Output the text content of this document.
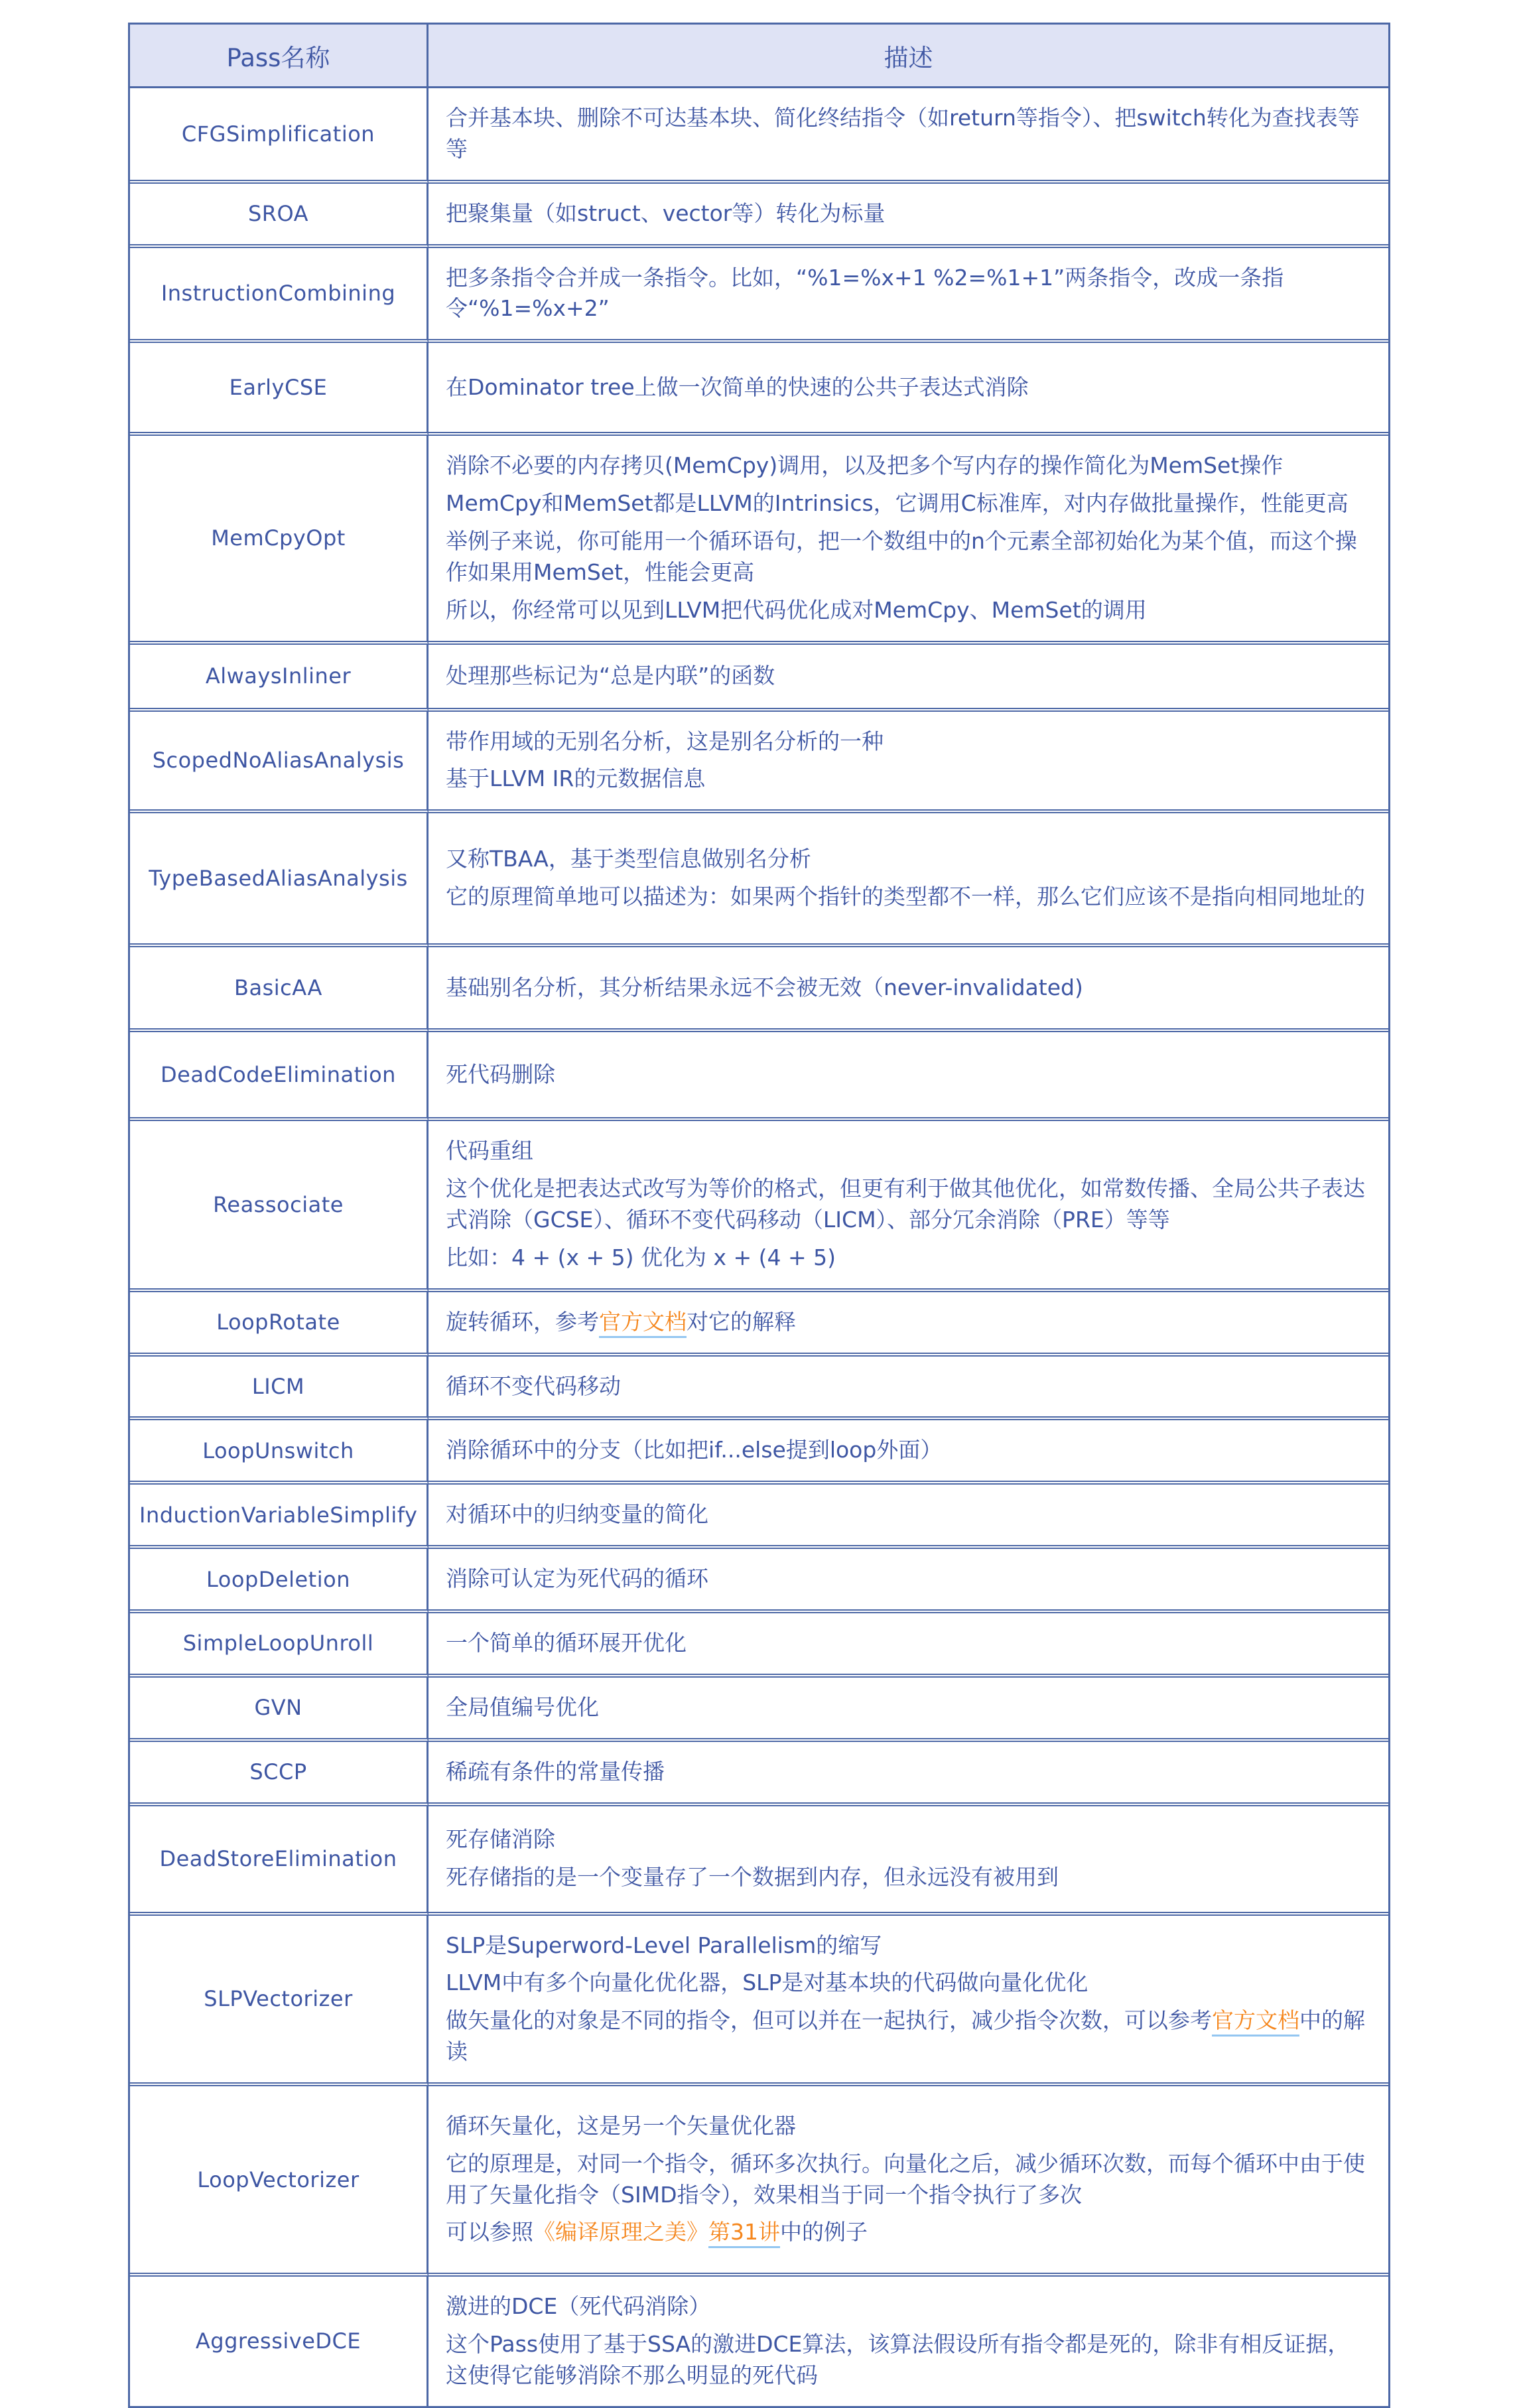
Pass名称	描述
CFGSimplification	合并基本块、删除不可达基本块、简化终结指令（如return等指令）、把switch转化为查找表等等

SROA	把聚集量（如struct、vector等）转化为标量

InstructionCombining	把多条指令合并成一条指令。比如，“%1=%x+1 %2=%1+1”两条指令，改成一条指令“%1=%x+2”

EarlyCSE	在Dominator tree上做一次简单的快速的公共子表达式消除

MemCpyOpt	消除不必要的内存拷贝(MemCpy)调用，以及把多个写内存的操作简化为MemSet操作

MemCpy和MemSet都是LLVM的Intrinsics，它调用C标准库，对内存做批量操作，性能更高

举例子来说，你可能用一个循环语句，把一个数组中的n个元素全部初始化为某个值，而这个操作如果用MemSet，性能会更高

所以，你经常可以见到LLVM把代码优化成对MemCpy、MemSet的调用

AlwaysInliner	处理那些标记为“总是内联”的函数

ScopedNoAliasAnalysis	带作用域的无别名分析，这是别名分析的一种

基于LLVM IR的元数据信息

TypeBasedAliasAnalysis	又称TBAA，基于类型信息做别名分析

它的原理简单地可以描述为：如果两个指针的类型都不一样，那么它们应该不是指向相同地址的

BasicAA	基础别名分析，其分析结果永远不会被无效（never-invalidated)

DeadCodeElimination	死代码删除

Reassociate	代码重组

这个优化是把表达式改写为等价的格式，但更有利于做其他优化，如常数传播、全局公共子表达式消除（GCSE）、循环不变代码移动（LICM）、部分冗余消除（PRE）等等

比如：4 + (x + 5) 优化为 x + (4 + 5)

LoopRotate	旋转循环，参考官方文档对它的解释

LICM	循环不变代码移动

LoopUnswitch	消除循环中的分支（比如把if...else提到loop外面）

InductionVariableSimplify	对循环中的归纳变量的简化

LoopDeletion	消除可认定为死代码的循环

SimpleLoopUnroll	一个简单的循环展开优化

GVN	全局值编号优化

SCCP	稀疏有条件的常量传播

DeadStoreElimination	死存储消除

死存储指的是一个变量存了一个数据到内存，但永远没有被用到

SLPVectorizer	SLP是Superword-Level Parallelism的缩写

LLVM中有多个向量化优化器，SLP是对基本块的代码做向量化优化

做矢量化的对象是不同的指令，但可以并在一起执行，减少指令次数，可以参考官方文档中的解读

LoopVectorizer	循环矢量化，这是另一个矢量优化器

它的原理是，对同一个指令，循环多次执行。向量化之后，减少循环次数，而每个循环中由于使用了矢量化指令（SIMD指令），效果相当于同一个指令执行了多次

可以参照《编译原理之美》第31讲中的例子

AggressiveDCE	激进的DCE（死代码消除）

这个Pass使用了基于SSA的激进DCE算法，该算法假设所有指令都是死的，除非有相反证据，这使得它能够消除不那么明显的死代码
